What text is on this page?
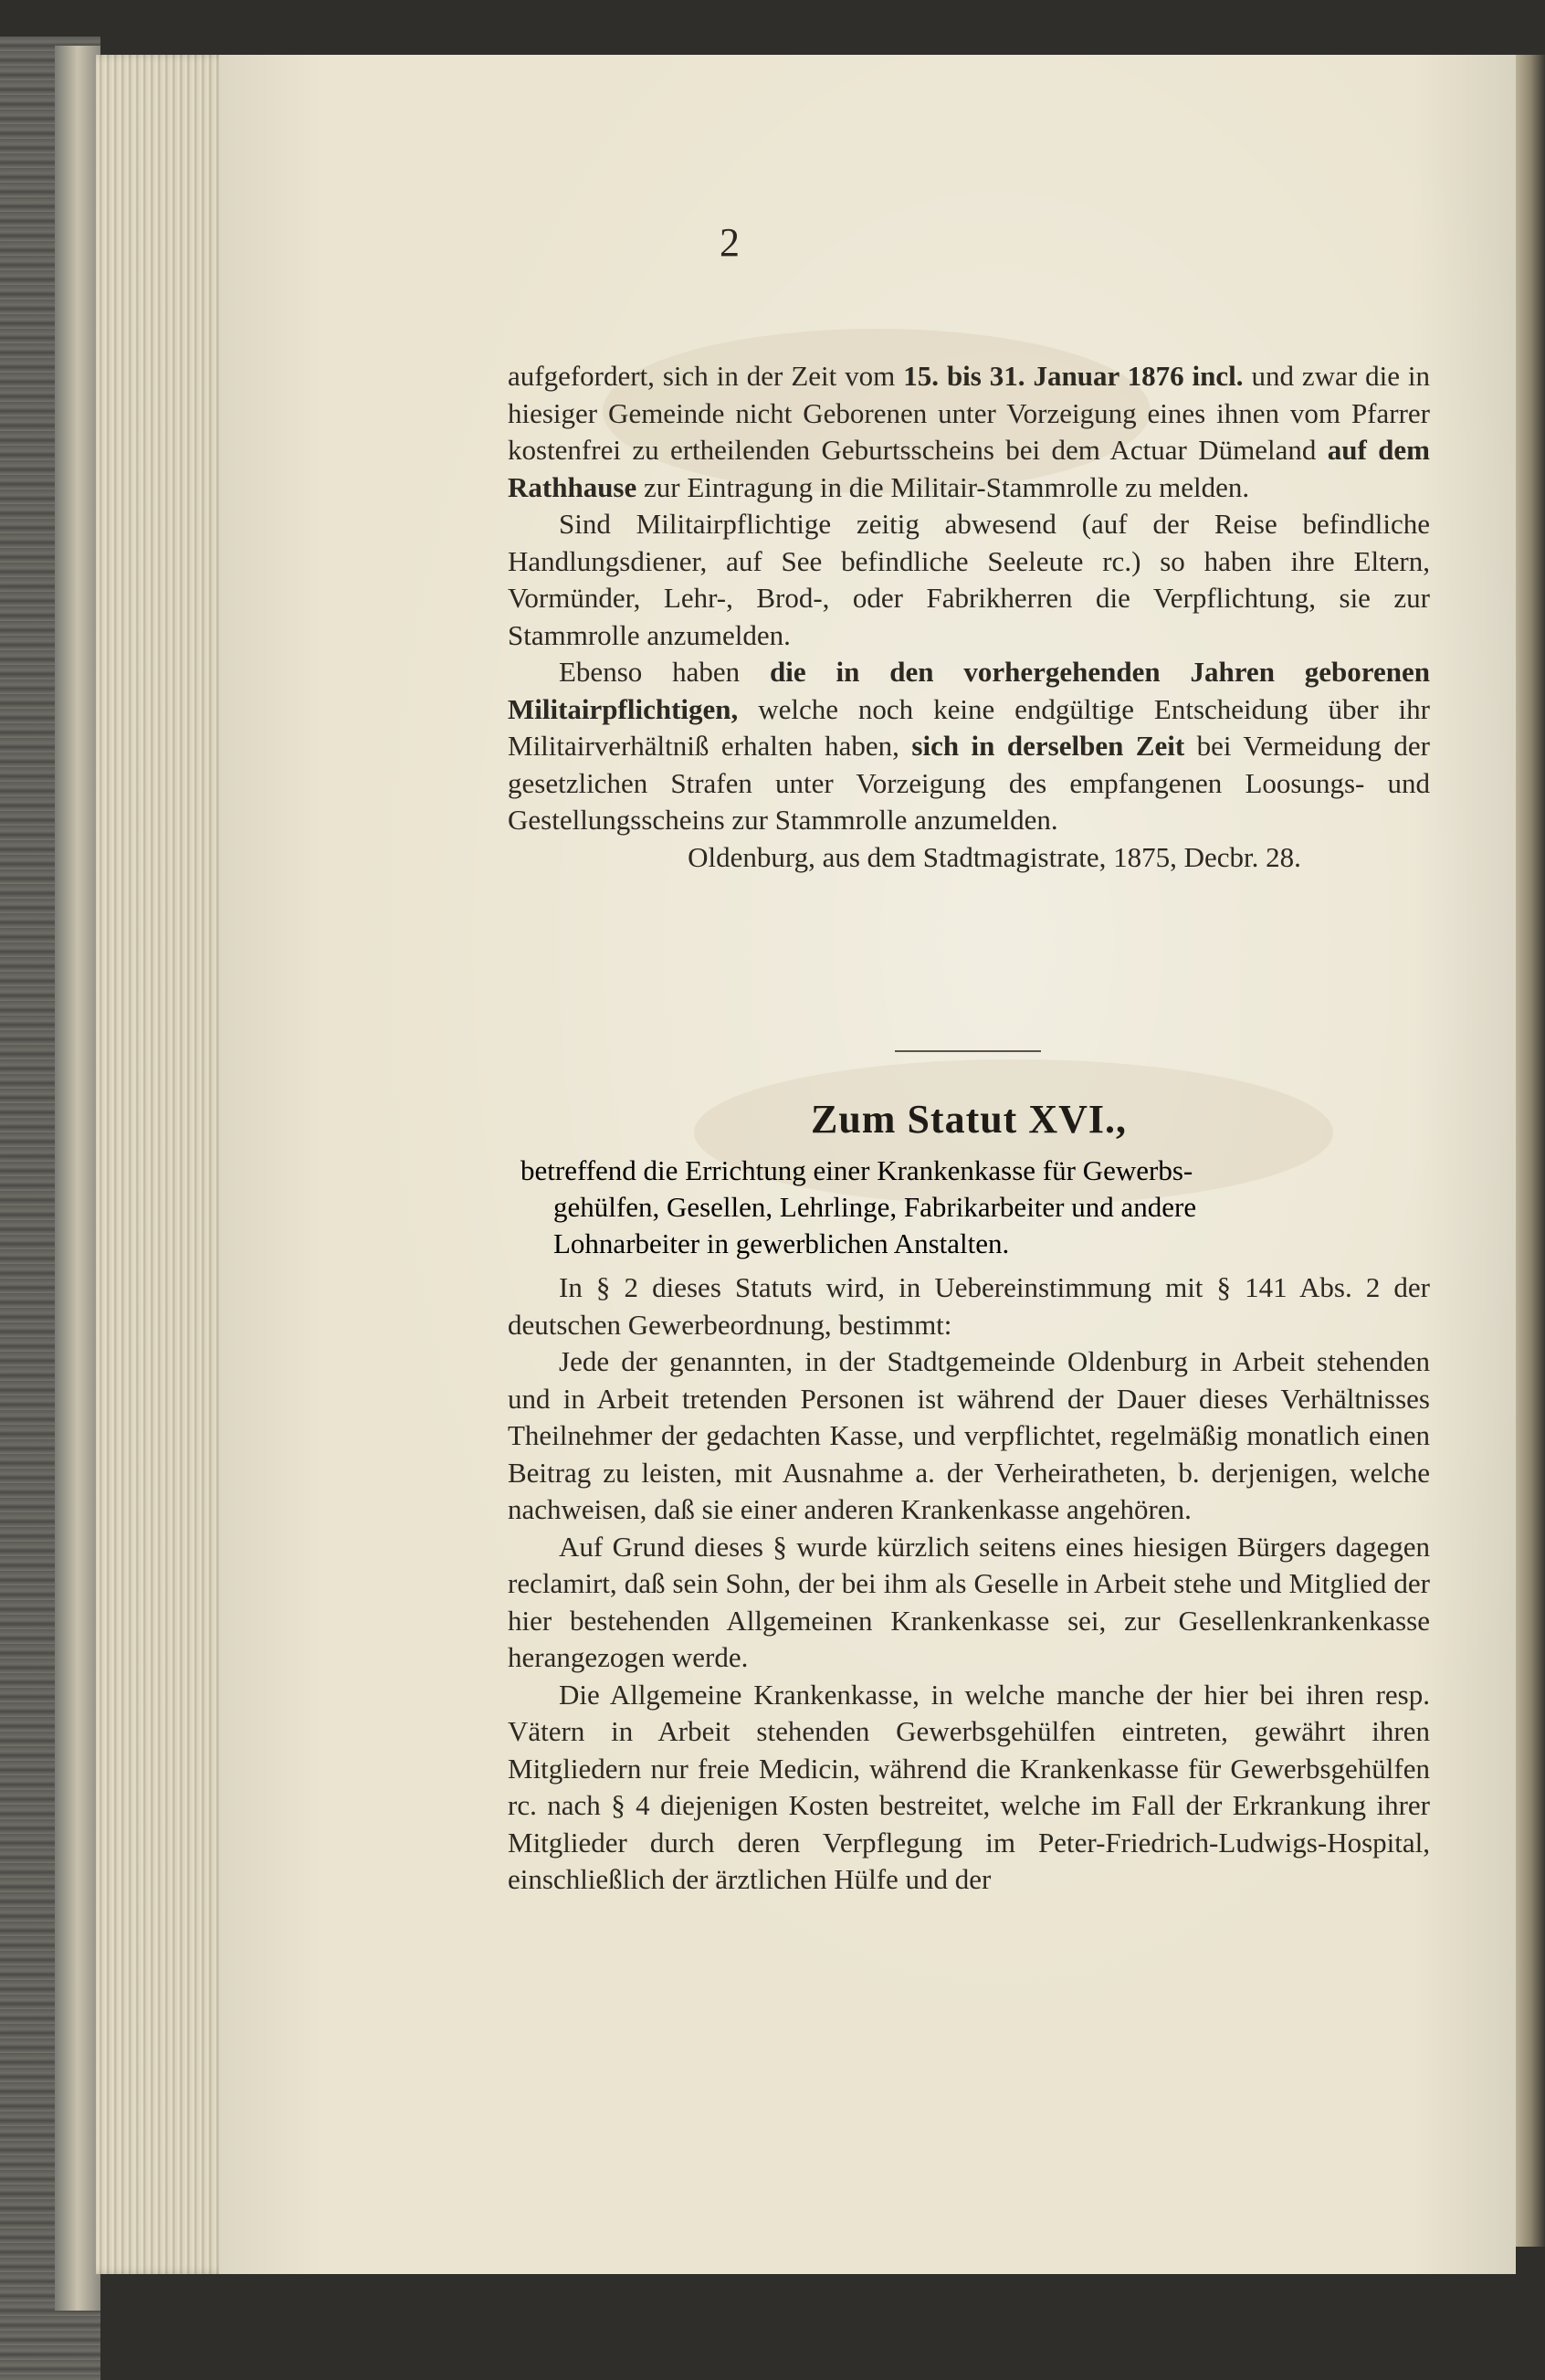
2

aufgefordert, sich in der Zeit vom 15. bis 31. Januar 1876 incl. und zwar die in hiesiger Gemeinde nicht Geborenen unter Vorzeigung eines ihnen vom Pfarrer kostenfrei zu ertheilenden Geburtsscheins bei dem Actuar Dümeland auf dem Rathhause zur Eintragung in die Militair-Stammrolle zu melden.

Sind Militairpflichtige zeitig abwesend (auf der Reise befindliche Handlungsdiener, auf See befindliche Seeleute rc.) so haben ihre Eltern, Vormünder, Lehr-, Brod-, oder Fabrikherren die Verpflichtung, sie zur Stammrolle anzumelden.

Ebenso haben die in den vorhergehenden Jahren geborenen Militairpflichtigen, welche noch keine endgültige Entscheidung über ihr Militairverhältniß erhalten haben, sich in derselben Zeit bei Vermeidung der gesetzlichen Strafen unter Vorzeigung des empfangenen Loosungs- und Gestellungsscheins zur Stammrolle anzumelden.

Oldenburg, aus dem Stadtmagistrate, 1875, Decbr. 28.

Zum Statut XVI.,
betreffend die Errichtung einer Krankenkasse für Gewerbs-
gehülfen, Gesellen, Lehrlinge, Fabrikarbeiter und andere
Lohnarbeiter in gewerblichen Anstalten.

In § 2 dieses Statuts wird, in Uebereinstimmung mit § 141 Abs. 2 der deutschen Gewerbeordnung, bestimmt:

Jede der genannten, in der Stadtgemeinde Oldenburg in Arbeit stehenden und in Arbeit tretenden Personen ist während der Dauer dieses Verhältnisses Theilnehmer der gedachten Kasse, und verpflichtet, regelmäßig monatlich einen Beitrag zu leisten, mit Ausnahme a. der Verheiratheten, b. derjenigen, welche nachweisen, daß sie einer anderen Krankenkasse angehören.

Auf Grund dieses § wurde kürzlich seitens eines hiesigen Bürgers dagegen reclamirt, daß sein Sohn, der bei ihm als Geselle in Arbeit stehe und Mitglied der hier bestehenden Allgemeinen Krankenkasse sei, zur Gesellenkrankenkasse herangezogen werde.

Die Allgemeine Krankenkasse, in welche manche der hier bei ihren resp. Vätern in Arbeit stehenden Gewerbsgehülfen eintreten, gewährt ihren Mitgliedern nur freie Medicin, während die Krankenkasse für Gewerbsgehülfen rc. nach § 4 diejenigen Kosten bestreitet, welche im Fall der Erkrankung ihrer Mitglieder durch deren Verpflegung im Peter-Friedrich-Ludwigs-Hospital, einschließlich der ärztlichen Hülfe und der
